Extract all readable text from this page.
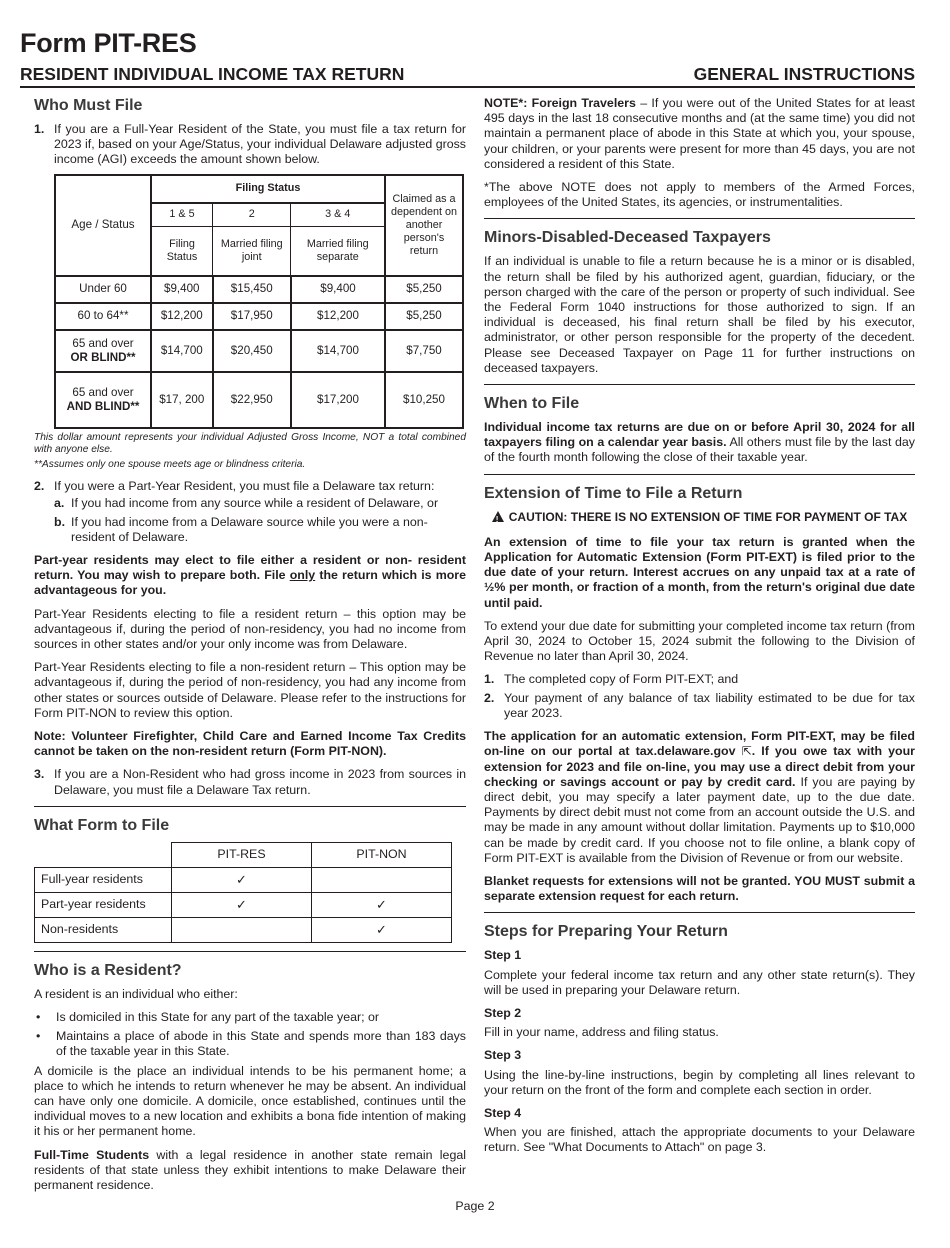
Form PIT-RES
RESIDENT INDIVIDUAL INCOME TAX RETURN	GENERAL INSTRUCTIONS
Who Must File
1. If you are a Full-Year Resident of the State, you must file a tax return for 2023 if, based on your Age/Status, your individual Delaware adjusted gross income (AGI) exceeds the amount shown below.
Age / Status	Filing Status			Claimed as a dependent on another person's return
	1 & 5	2	3 & 4	
	Filing Status	Married filing joint	Married filing separate	
Under 60	$9,400	$15,450	$9,400	$5,250
60 to 64**	$12,200	$17,950	$12,200	$5,250
65 and over
OR BLIND**	$14,700	$20,450	$14,700	$7,750
65 and over
AND BLIND**	$17, 200	$22,950	$17,200	$10,250
This dollar amount represents your individual Adjusted Gross Income, NOT a total combined with anyone else.
**Assumes only one spouse meets age or blindness criteria.
2. If you were a Part-Year Resident, you must file a Delaware tax return:
a. If you had income from any source while a resident of Delaware, or
b. If you had income from a Delaware source while you were a non-resident of Delaware.

Part-year residents may elect to file either a resident or non- resident return. You may wish to prepare both. File only the return which is more advantageous for you.

Part-Year Residents electing to file a resident return – this option may be advantageous if, during the period of non-residency, you had no income from sources in other states and/or your only income was from Delaware.

Part-Year Residents electing to file a non-resident return – This option may be advantageous if, during the period of non-residency, you had any income from other states or sources outside of Delaware. Please refer to the instructions for Form PIT-NON to review this option.

Note: Volunteer Firefighter, Child Care and Earned Income Tax Credits cannot be taken on the non-resident return (Form PIT-NON).

3. If you are a Non-Resident who had gross income in 2023 from sources in Delaware, you must file a Delaware Tax return.
What Form to File
	PIT-RES	PIT-NON
Full-year residents	✓	
Part-year residents	✓	✓
Non-residents		✓
Who is a Resident?

A resident is an individual who either:

•	Is domiciled in this State for any part of the taxable year; or
•	Maintains a place of abode in this State and spends more than 183 days of the taxable year in this State.

A domicile is the place an individual intends to be his permanent home; a place to which he intends to return whenever he may be absent. An individual can have only one domicile. A domicile, once established, continues until the individual moves to a new location and exhibits a bona fide intention of making it his or her permanent home.

Full-Time Students with a legal residence in another state remain legal residents of that state unless they exhibit intentions to make Delaware their permanent residence.

NOTE*: Foreign Travelers – If you were out of the United States for at least 495 days in the last 18 consecutive months and (at the same time) you did not maintain a permanent place of abode in this State at which you, your spouse, your children, or your parents were present for more than 45 days, you are not considered a resident of this State.

*The above NOTE does not apply to members of the Armed Forces, employees of the United States, its agencies, or instrumentalities.

Minors-Disabled-Deceased Taxpayers

If an individual is unable to file a return because he is a minor or is disabled, the return shall be filed by his authorized agent, guardian, fiduciary, or the person charged with the care of the person or property of such individual. See the Federal Form 1040 instructions for those authorized to sign. If an individual is deceased, his final return shall be filed by his executor, administrator, or other person responsible for the property of the decedent. Please see Deceased Taxpayer on Page 11 for further instructions on deceased taxpayers.

When to File

Individual income tax returns are due on or before April 30, 2024 for all taxpayers filing on a calendar year basis. All others must file by the last day of the fourth month following the close of their taxable year.

Extension of Time to File a Return
!CAUTION: THERE IS NO EXTENSION OF TIME FOR PAYMENT OF TAX

An extension of time to file your tax return is granted when the Application for Automatic Extension (Form PIT-EXT) is filed prior to the due date of your return. Interest accrues on any unpaid tax at a rate of ½% per month, or fraction of a month, from the return's original due date until paid.

To extend your due date for submitting your completed income tax return (from April 30, 2024 to October 15, 2024 submit the following to the Division of Revenue no later than April 30, 2024.

1. The completed copy of Form PIT-EXT; and
2. Your payment of any balance of tax liability estimated to be due for tax year 2023.

The application for an automatic extension, Form PIT-EXT, may be filed on-line on our portal at tax.delaware.gov ⇱. If you owe tax with your extension for 2023 and file on-line, you may use a direct debit from your checking or savings account or pay by credit card. If you are paying by direct debit, you may specify a later payment date, up to the due date. Payments by direct debit must not come from an account outside the U.S. and may be made in any amount without dollar limitation. Payments up to $10,000 can be made by credit card. If you choose not to file online, a blank copy of Form PIT-EXT is available from the Division of Revenue or from our website.

Blanket requests for extensions will not be granted. YOU MUST submit a separate extension request for each return.

Steps for Preparing Your Return
Step 1

Complete your federal income tax return and any other state return(s). They will be used in preparing your Delaware return.

Step 2

Fill in your name, address and filing status.

Step 3

Using the line-by-line instructions, begin by completing all lines relevant to your return on the front of the form and complete each section in order.

Step 4

When you are finished, attach the appropriate documents to your Delaware return. See "What Documents to Attach" on page 3.

Page 2
